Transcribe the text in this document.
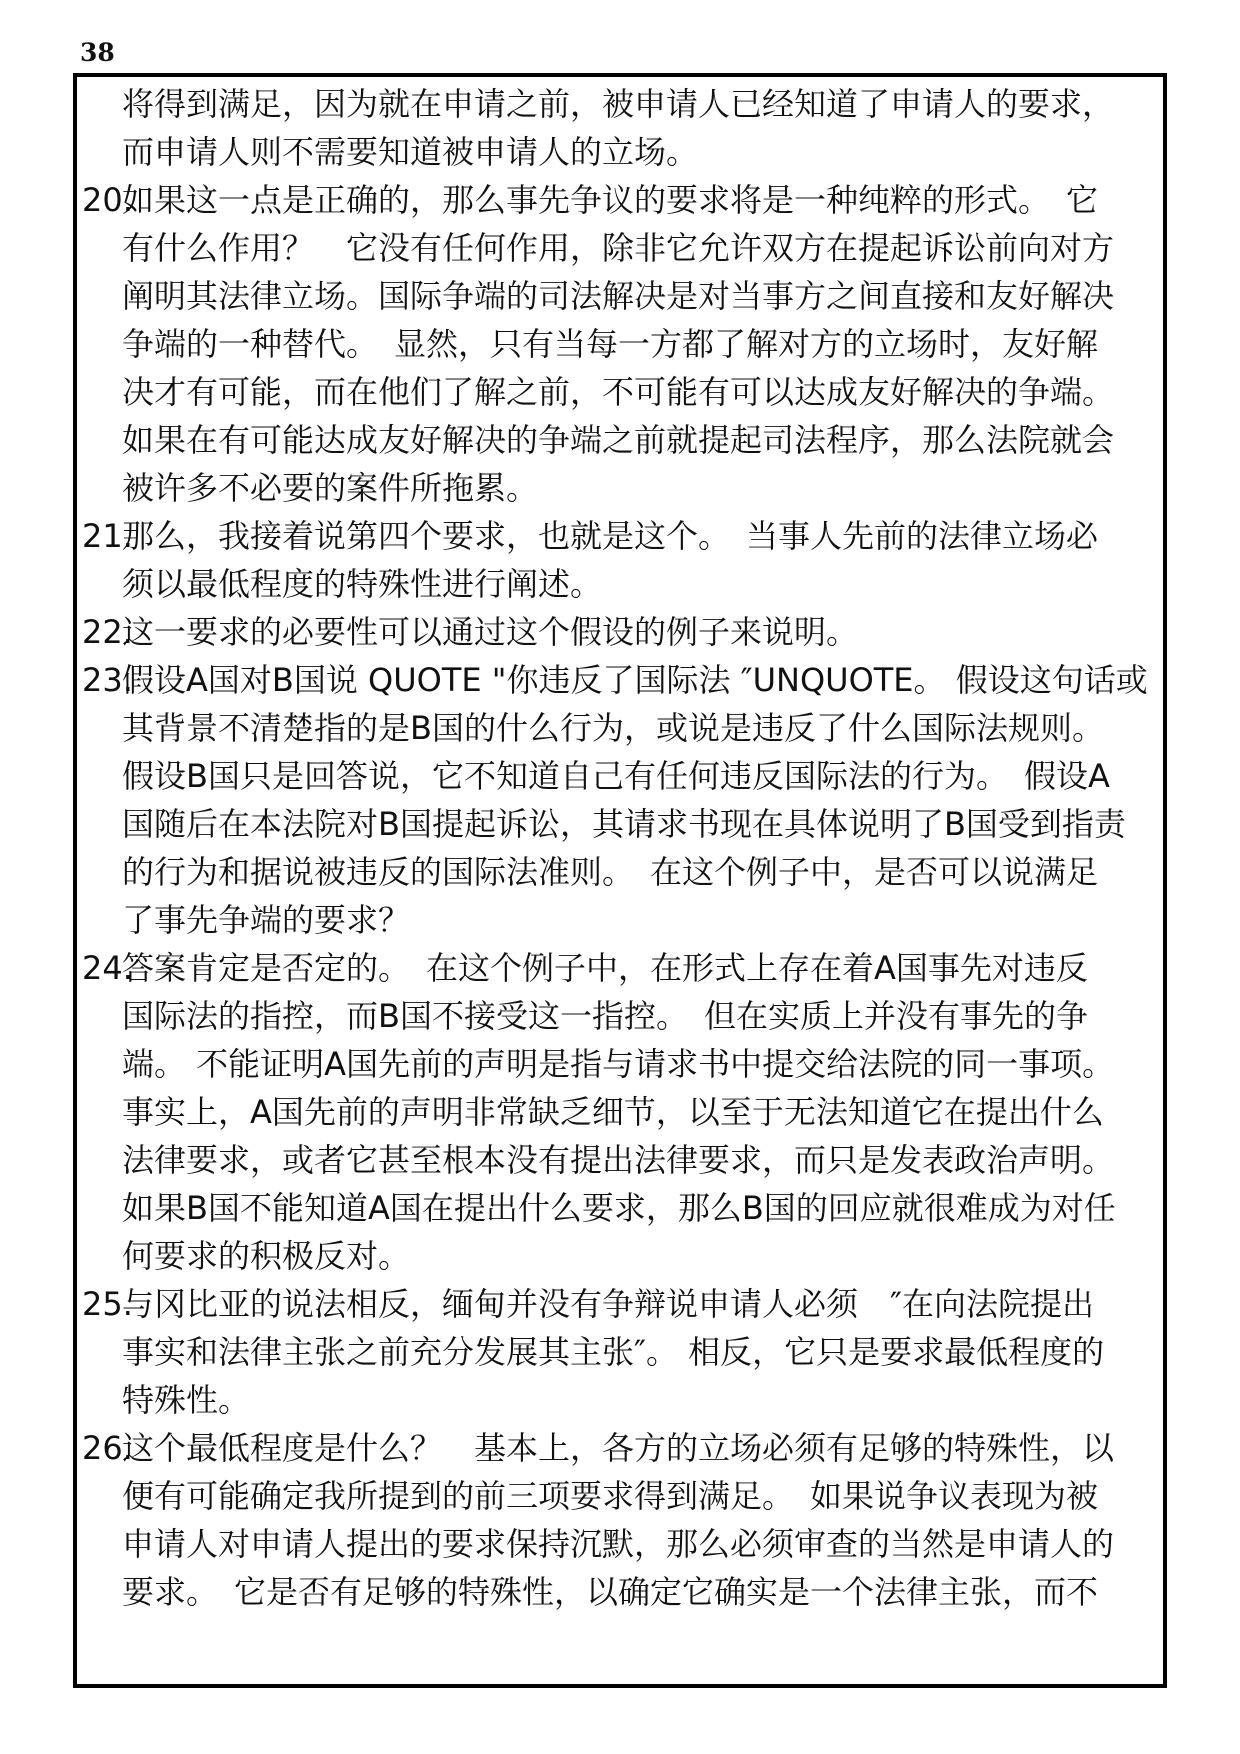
38
将得到满足，因为就在申请之前，被申请人已经知道了申请人的要求，
而申请人则不需要知道被申请人的立场。
20.如果这一点是正确的，那么事先争议的要求将是一种纯粹的形式。　它
有什么作用？　它没有任何作用，除非它允许双方在提起诉讼前向对方
阐明其法律立场。国际争端的司法解决是对当事方之间直接和友好解决
争端的一种替代。　显然，只有当每一方都了解对方的立场时，友好解
决才有可能，而在他们了解之前，不可能有可以达成友好解决的争端。
如果在有可能达成友好解决的争端之前就提起司法程序，那么法院就会
被许多不必要的案件所拖累。
21.那么，我接着说第四个要求，也就是这个。　当事人先前的法律立场必
须以最低程度的特殊性进行阐述。
22.这一要求的必要性可以通过这个假设的例子来说明。
23.假设A国对B国说 QUOTE "你违反了国际法 ″UNQUOTE。 假设这句话或
其背景不清楚指的是B国的什么行为，或说是违反了什么国际法规则。
假设B国只是回答说，它不知道自己有任何违反国际法的行为。　假设A
国随后在本法院对B国提起诉讼，其请求书现在具体说明了B国受到指责
的行为和据说被违反的国际法准则。　在这个例子中，是否可以说满足
了事先争端的要求？
24.答案肯定是否定的。　在这个例子中，在形式上存在着A国事先对违反
国际法的指控，而B国不接受这一指控。　但在实质上并没有事先的争
端。 不能证明A国先前的声明是指与请求书中提交给法院的同一事项。
事实上，A国先前的声明非常缺乏细节，以至于无法知道它在提出什么
法律要求，或者它甚至根本没有提出法律要求，而只是发表政治声明。
如果B国不能知道A国在提出什么要求，那么B国的回应就很难成为对任
何要求的积极反对。
25.与冈比亚的说法相反，缅甸并没有争辩说申请人必须　″在向法院提出
事实和法律主张之前充分发展其主张″。 相反，它只是要求最低程度的
特殊性。
26.这个最低程度是什么？　基本上，各方的立场必须有足够的特殊性，以
便有可能确定我所提到的前三项要求得到满足。　如果说争议表现为被
申请人对申请人提出的要求保持沉默，那么必须审查的当然是申请人的
要求。　它是否有足够的特殊性，以确定它确实是一个法律主张，而不
